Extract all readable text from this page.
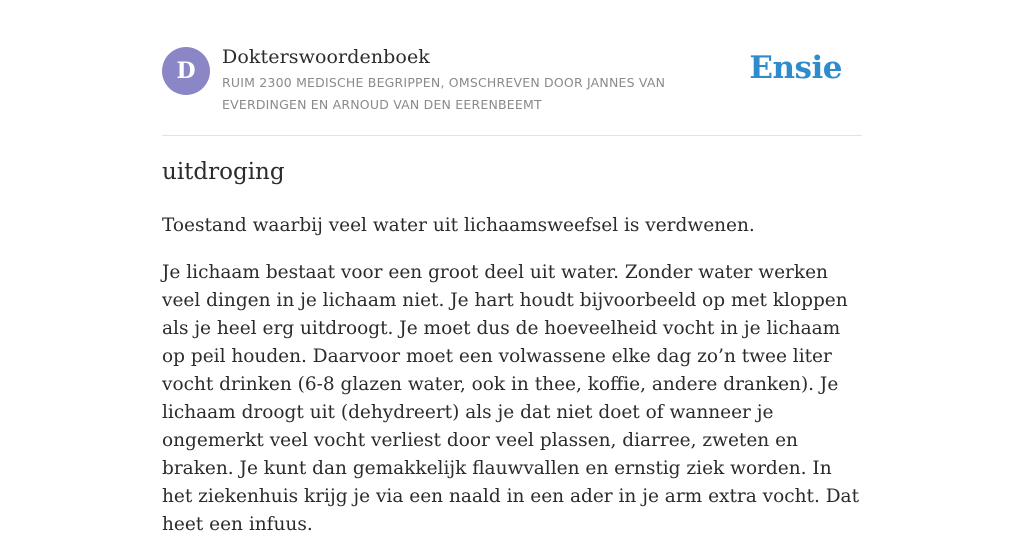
D
Dokterswoordenboek
RUIM 2300 MEDISCHE BEGRIPPEN, OMSCHREVEN DOOR JANNES VAN EVERDINGEN EN ARNOUD VAN DEN EERENBEEMT
Ensie
uitdroging

Toestand waarbij veel water uit lichaamsweefsel is verdwenen.

Je lichaam bestaat voor een groot deel uit water. Zonder water werken veel dingen in je lichaam niet. Je hart houdt bijvoorbeeld op met kloppen als je heel erg uitdroogt. Je moet dus de hoeveelheid vocht in je lichaam op peil houden. Daarvoor moet een volwassene elke dag zo’n twee liter vocht drinken (6-8 glazen water, ook in thee, koffie, andere dranken). Je lichaam droogt uit (dehydreert) als je dat niet doet of wanneer je ongemerkt veel vocht verliest door veel plassen, diarree, zweten en braken. Je kunt dan gemakkelijk flauwvallen en ernstig ziek worden. In het ziekenhuis krijg je via een naald in een ader in je arm extra vocht. Dat heet een infuus.
